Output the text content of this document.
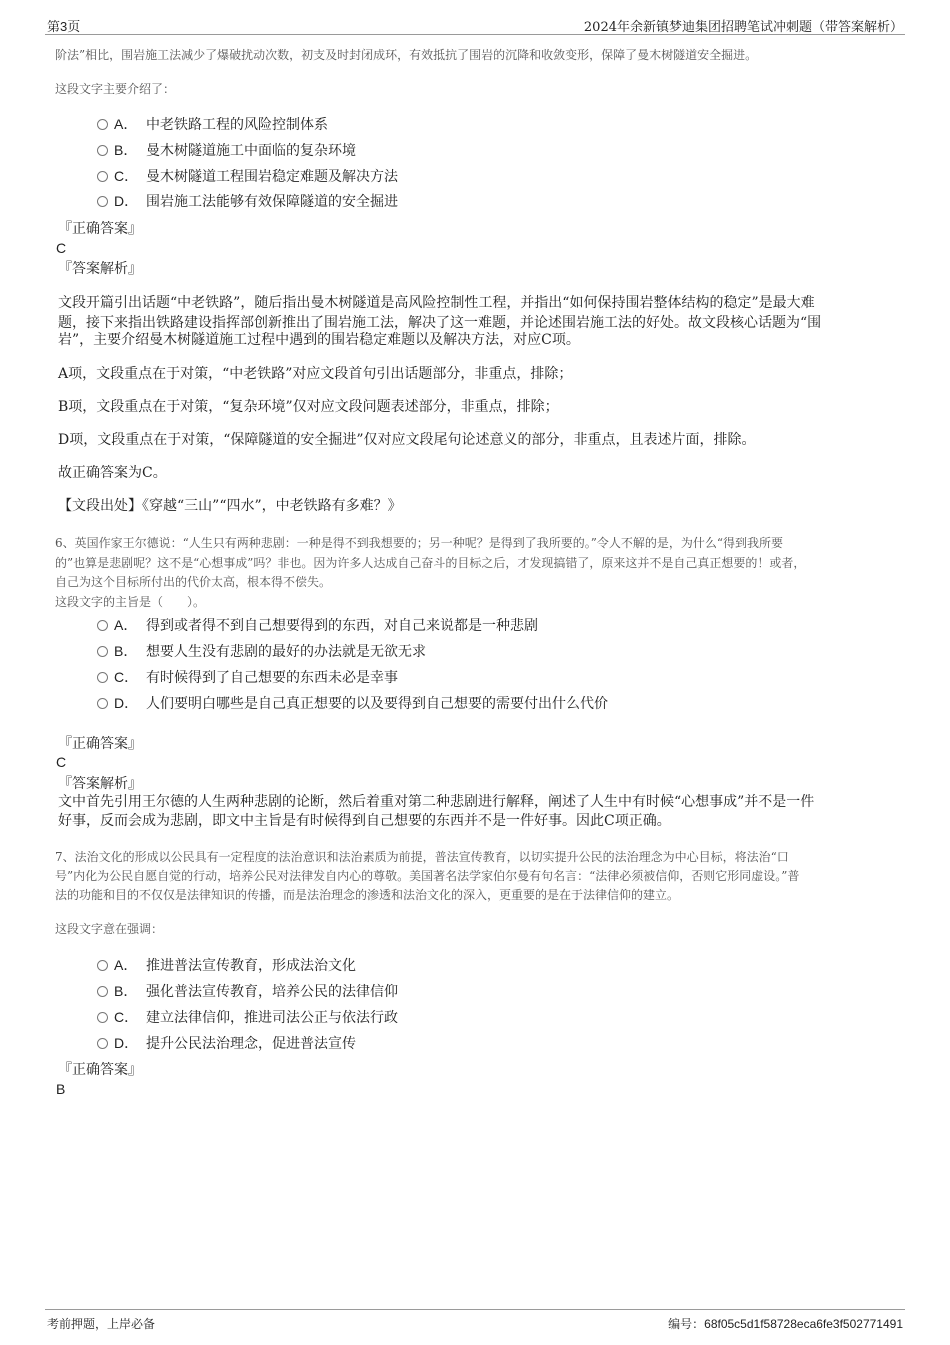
第3页	2024年余新镇梦迪集团招聘笔试冲刺题（带答案解析）
阶法”相比，围岩施工法减少了爆破扰动次数，初支及时封闭成环，有效抵抗了围岩的沉降和收敛变形，保障了曼木树隧道安全掘进。
这段文字主要介绍了：
A． 中老铁路工程的风险控制体系
B． 曼木树隧道施工中面临的复杂环境
C． 曼木树隧道工程围岩稳定难题及解决方法
D． 围岩施工法能够有效保障隧道的安全掘进
『正确答案』
C
『答案解析』
文段开篇引出话题“中老铁路”，随后指出曼木树隧道是高风险控制性工程，并指出“如何保持围岩整体结构的稳定”是最大难
题，接下来指出铁路建设指挥部创新推出了围岩施工法，解决了这一难题，并论述围岩施工法的好处。故文段核心话题为“围
岩”，主要介绍曼木树隧道施工过程中遇到的围岩稳定难题以及解决方法，对应C项。
A项，文段重点在于对策，“中老铁路”对应文段首句引出话题部分，非重点，排除；
B项，文段重点在于对策，“复杂环境”仅对应文段问题表述部分，非重点，排除；
D项，文段重点在于对策，“保障隧道的安全掘进”仅对应文段尾句论述意义的部分，非重点，且表述片面，排除。
故正确答案为C。
【文段出处】《穿越“三山”“四水”，中老铁路有多难？》
6、英国作家王尔德说：“人生只有两种悲剧：一种是得不到我想要的；另一种呢？是得到了我所要的。”令人不解的是，为什么“得到我所要
的”也算是悲剧呢？这不是“心想事成”吗？非也。因为许多人达成自己奋斗的目标之后，才发现搞错了，原来这并不是自己真正想要的！或者，
自己为这个目标所付出的代价太高，根本得不偿失。
这段文字的主旨是（　　）。
A． 得到或者得不到自己想要得到的东西，对自己来说都是一种悲剧
B． 想要人生没有悲剧的最好的办法就是无欲无求
C． 有时候得到了自己想要的东西未必是幸事
D． 人们要明白哪些是自己真正想要的以及要得到自己想要的需要付出什么代价
『正确答案』
C
『答案解析』
文中首先引用王尔德的人生两种悲剧的论断，然后着重对第二种悲剧进行解释，阐述了人生中有时候“心想事成”并不是一件
好事，反而会成为悲剧，即文中主旨是有时候得到自己想要的东西并不是一件好事。因此C项正确。
7、法治文化的形成以公民具有一定程度的法治意识和法治素质为前提，普法宣传教育，以切实提升公民的法治理念为中心目标，将法治“口
号”内化为公民自愿自觉的行动，培养公民对法律发自内心的尊敬。美国著名法学家伯尔曼有句名言：“法律必须被信仰，否则它形同虚设。”普
法的功能和目的不仅仅是法律知识的传播，而是法治理念的渗透和法治文化的深入，更重要的是在于法律信仰的建立。
这段文字意在强调：
A． 推进普法宣传教育，形成法治文化
B． 强化普法宣传教育，培养公民的法律信仰
C． 建立法律信仰，推进司法公正与依法行政
D． 提升公民法治理念，促进普法宣传
『正确答案』
B
考前押题，上岸必备	编号：68f05c5d1f58728eca6fe3f502771491
